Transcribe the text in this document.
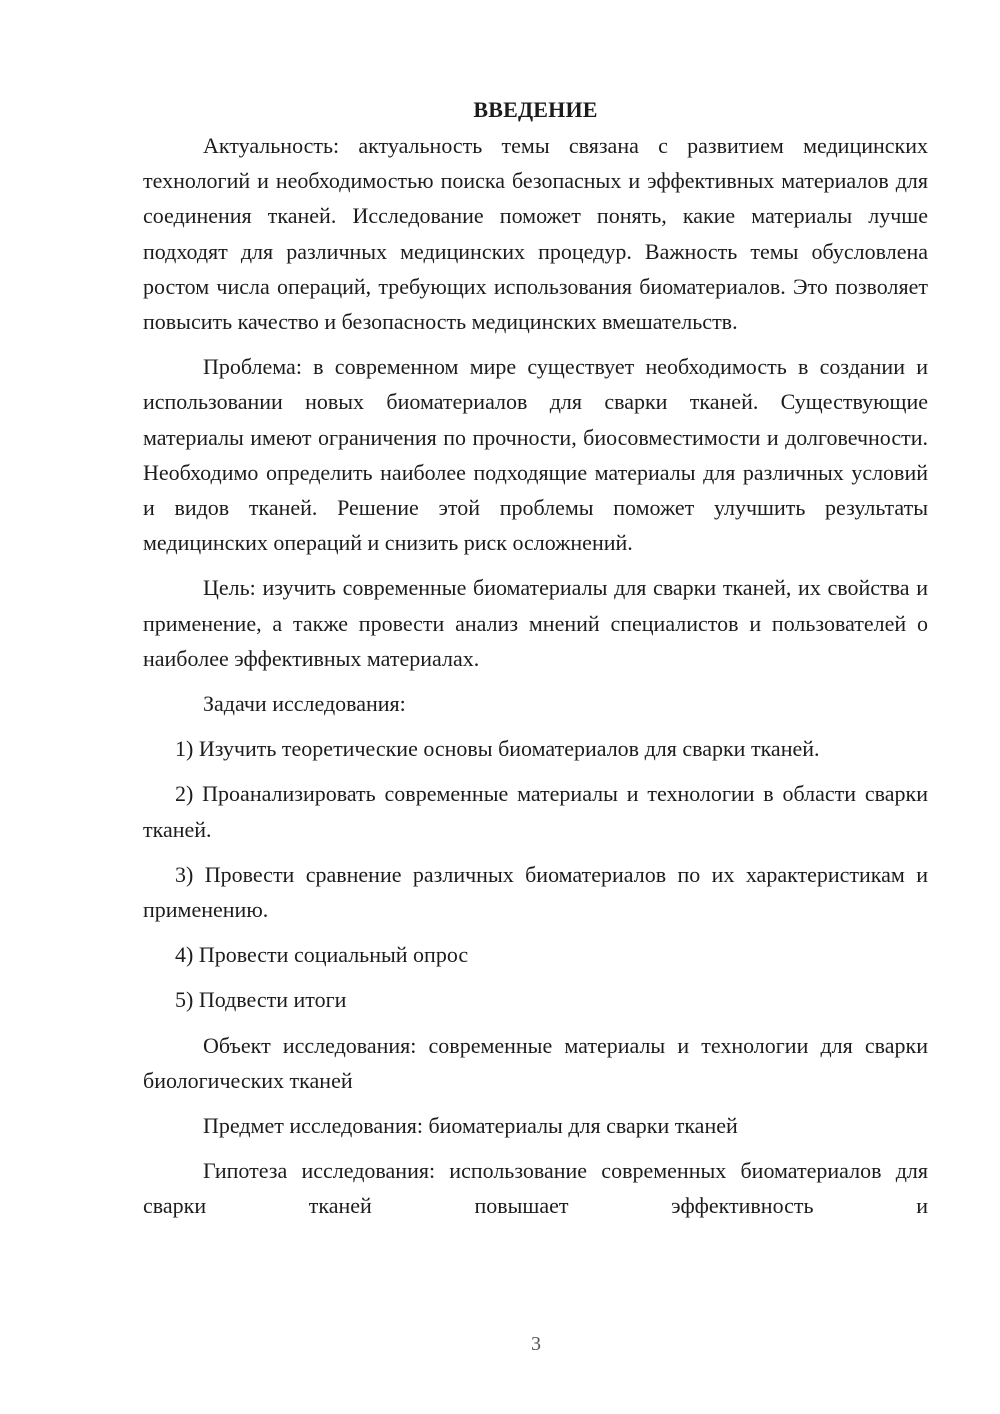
ВВЕДЕНИЕ

Актуальность: актуальность темы связана с развитием медицинских технологий и необходимостью поиска безопасных и эффективных материалов для соединения тканей. Исследование поможет понять, какие материалы лучше подходят для различных медицинских процедур. Важность темы обусловлена ростом числа операций, требующих использования биоматериалов. Это позволяет повысить качество и безопасность медицинских вмешательств.

Проблема: в современном мире существует необходимость в создании и использовании новых биоматериалов для сварки тканей. Существующие материалы имеют ограничения по прочности, биосовместимости и долговечности. Необходимо определить наиболее подходящие материалы для различных условий и видов тканей. Решение этой проблемы поможет улучшить результаты медицинских операций и снизить риск осложнений.

Цель: изучить современные биоматериалы для сварки тканей, их свойства и применение, а также провести анализ мнений специалистов и пользователей о наиболее эффективных материалах.

Задачи исследования:

1) Изучить теоретические основы биоматериалов для сварки тканей.

2) Проанализировать современные материалы и технологии в области сварки тканей.

3) Провести сравнение различных биоматериалов по их характеристикам и применению.

4) Провести социальный опрос

5) Подвести итоги

Объект исследования: современные материалы и технологии для сварки биологических тканей

Предмет исследования: биоматериалы для сварки тканей

Гипотеза исследования: использование современных биоматериалов для сварки тканей повышает эффективность и

3
